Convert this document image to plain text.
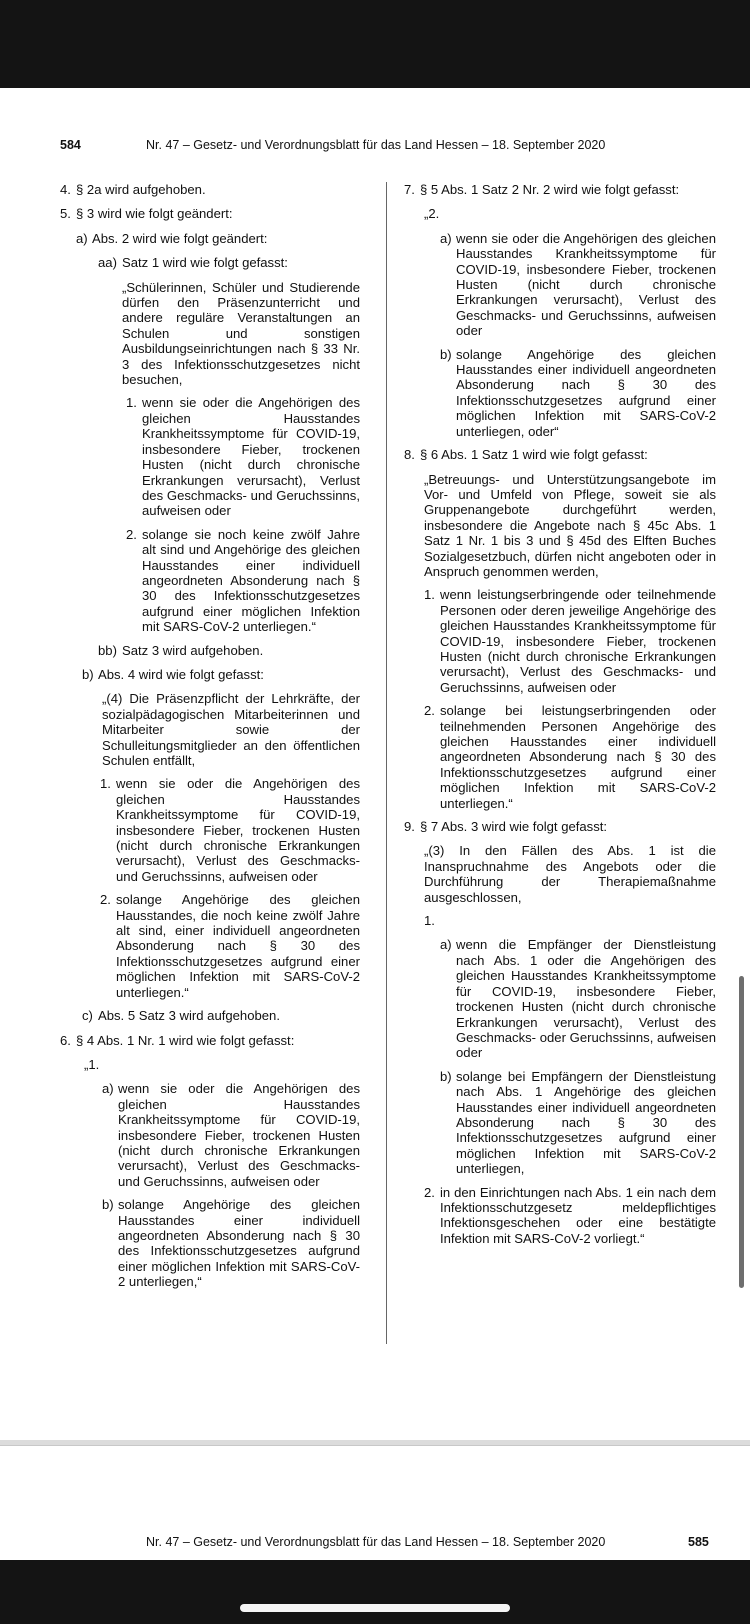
584	Nr. 47 – Gesetz- und Verordnungsblatt für das Land Hessen – 18. September 2020
4. § 2a wird aufgehoben.
5. § 3 wird wie folgt geändert:
a) Abs. 2 wird wie folgt geändert:
aa) Satz 1 wird wie folgt gefasst:
„Schülerinnen, Schüler und Studierende dürfen den Präsenzunterricht und andere reguläre Veranstaltungen an Schulen und sonstigen Ausbildungseinrichtungen nach § 33 Nr. 3 des Infektionsschutzgesetzes nicht besuchen,
1. wenn sie oder die Angehörigen des gleichen Hausstandes Krankheitssymptome für COVID-19, insbesondere Fieber, trockenen Husten (nicht durch chronische Erkrankungen verursacht), Verlust des Geschmacks- und Geruchssinns, aufweisen oder
2. solange sie noch keine zwölf Jahre alt sind und Angehörige des gleichen Hausstandes einer individuell angeordneten Absonderung nach § 30 des Infektionsschutzgesetzes aufgrund einer möglichen Infektion mit SARS-CoV-2 unterliegen.“
bb) Satz 3 wird aufgehoben.
b) Abs. 4 wird wie folgt gefasst:
„(4) Die Präsenzpflicht der Lehrkräfte, der sozialpädagogischen Mitarbeiterinnen und Mitarbeiter sowie der Schulleitungsmitglieder an den öffentlichen Schulen entfällt,
1. wenn sie oder die Angehörigen des gleichen Hausstandes Krankheitssymptome für COVID-19, insbesondere Fieber, trockenen Husten (nicht durch chronische Erkrankungen verursacht), Verlust des Geschmacks- und Geruchssinns, aufweisen oder
2. solange Angehörige des gleichen Hausstandes, die noch keine zwölf Jahre alt sind, einer individuell angeordneten Absonderung nach § 30 des Infektionsschutzgesetzes aufgrund einer möglichen Infektion mit SARS-CoV-2 unterliegen.“
c) Abs. 5 Satz 3 wird aufgehoben.
6. § 4 Abs. 1 Nr. 1 wird wie folgt gefasst:
„1.
a) wenn sie oder die Angehörigen des gleichen Hausstandes Krankheitssymptome für COVID-19, insbesondere Fieber, trockenen Husten (nicht durch chronische Erkrankungen verursacht), Verlust des Geschmacks- und Geruchssinns, aufweisen oder
b) solange Angehörige des gleichen Hausstandes einer individuell angeordneten Absonderung nach § 30 des Infektionsschutzgesetzes aufgrund einer möglichen Infektion mit SARS-CoV-2 unterliegen,“
7. § 5 Abs. 1 Satz 2 Nr. 2 wird wie folgt gefasst:
„2.
a) wenn sie oder die Angehörigen des gleichen Hausstandes Krankheitssymptome für COVID-19, insbesondere Fieber, trockenen Husten (nicht durch chronische Erkrankungen verursacht), Verlust des Geschmacks- und Geruchssinns, aufweisen oder
b) solange Angehörige des gleichen Hausstandes einer individuell angeordneten Absonderung nach § 30 des Infektionsschutzgesetzes aufgrund einer möglichen Infektion mit SARS-CoV-2 unterliegen, oder“
8. § 6 Abs. 1 Satz 1 wird wie folgt gefasst:
„Betreuungs- und Unterstützungsangebote im Vor- und Umfeld von Pflege, soweit sie als Gruppenangebote durchgeführt werden, insbesondere die Angebote nach § 45c Abs. 1 Satz 1 Nr. 1 bis 3 und § 45d des Elften Buches Sozialgesetzbuch, dürfen nicht angeboten oder in Anspruch genommen werden,
1. wenn leistungserbringende oder teilnehmende Personen oder deren jeweilige Angehörige des gleichen Hausstandes Krankheitssymptome für COVID-19, insbesondere Fieber, trockenen Husten (nicht durch chronische Erkrankungen verursacht), Verlust des Geschmacks- und Geruchssinns, aufweisen oder
2. solange bei leistungserbringenden oder teilnehmenden Personen Angehörige des gleichen Hausstandes einer individuell angeordneten Absonderung nach § 30 des Infektionsschutzgesetzes aufgrund einer möglichen Infektion mit SARS-CoV-2 unterliegen.“
9. § 7 Abs. 3 wird wie folgt gefasst:
„(3) In den Fällen des Abs. 1 ist die Inanspruchnahme des Angebots oder die Durchführung der Therapiemaßnahme ausgeschlossen,
1.
a) wenn die Empfänger der Dienstleistung nach Abs. 1 oder die Angehörigen des gleichen Hausstandes Krankheitssymptome für COVID-19, insbesondere Fieber, trockenen Husten (nicht durch chronische Erkrankungen verursacht), Verlust des Geschmacks- oder Geruchssinns, aufweisen oder
b) solange bei Empfängern der Dienstleistung nach Abs. 1 Angehörige des gleichen Hausstandes einer individuell angeordneten Absonderung nach § 30 des Infektionsschutzgesetzes aufgrund einer möglichen Infektion mit SARS-CoV-2 unterliegen,
2. in den Einrichtungen nach Abs. 1 ein nach dem Infektionsschutzgesetz meldepflichtiges Infektionsgeschehen oder eine bestätigte Infektion mit SARS-CoV-2 vorliegt.“
Nr. 47 – Gesetz- und Verordnungsblatt für das Land Hessen – 18. September 2020	585
